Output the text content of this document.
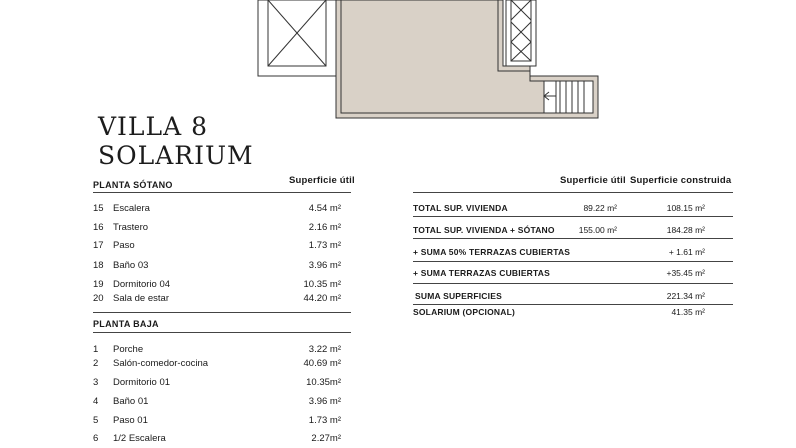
VILLA 8
SOLARIUM
PLANTA SÓTANO	Superficie útil
15 Escalera	4.54 m²
16 Trastero	2.16 m²
17 Paso	1.73 m²
18 Baño 03	3.96 m²
19 Dormitorio 04	10.35 m²
20 Sala de estar	44.20 m²
PLANTA BAJA
1 Porche	3.22 m²
2 Salón-comedor-cocina	40.69 m²
3 Dormitorio 01	10.35m²
4 Baño 01	3.96 m²
5 Paso 01	1.73 m²
6 1/2 Escalera	2.27m²
Superficie útil Superficie construida
TOTAL SUP. VIVIENDA	89.22 m²	108.15 m²
TOTAL SUP. VIVIENDA + SÓTANO	155.00 m²	184.28 m²
+ SUMA 50% TERRAZAS CUBIERTAS	+ 1.61 m²
+ SUMA TERRAZAS CUBIERTAS	+35.45 m²
SUMA SUPERFICIES	221.34 m²
SOLARIUM (OPCIONAL)	41.35 m²
